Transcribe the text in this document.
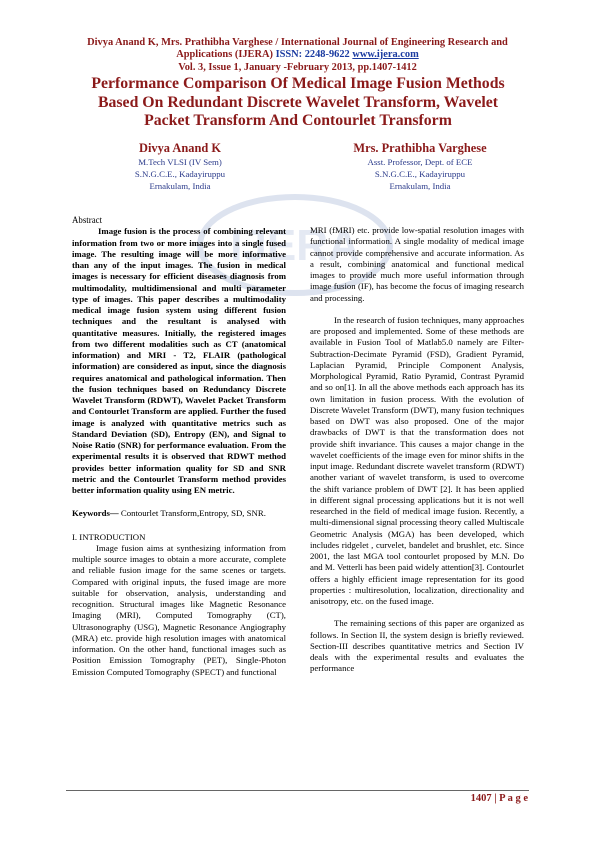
Divya Anand K, Mrs. Prathibha Varghese / International Journal of Engineering Research and
Applications (IJERA) ISSN: 2248-9622 www.ijera.com
Vol. 3, Issue 1, January -February 2013, pp.1407-1412
Performance Comparison Of Medical Image Fusion Methods
Based On Redundant Discrete Wavelet Transform, Wavelet
Packet Transform And Contourlet Transform
Divya Anand K
M.Tech VLSI (IV Sem)
S.N.G.C.E., Kadayiruppu
Ernakulam, India
Mrs. Prathibha Varghese
Asst. Professor, Dept. of ECE
S.N.G.C.E., Kadayiruppu
Ernakulam, India
IJERA

Abstract

Image fusion is the process of combining relevant information from two or more images into a single fused image. The resulting image will be more informative than any of the input images. The fusion in medical images is necessary for efficient diseases diagnosis from multimodality, multidimensional and multi parameter type of images. This paper describes a multimodality medical image fusion system using different fusion techniques and the resultant is analysed with quantitative measures. Initially, the registered images from two different modalities such as CT (anatomical information) and MRI - T2, FLAIR (pathological information) are considered as input, since the diagnosis requires anatomical and pathological information. Then the fusion techniques based on Redundancy Discrete Wavelet Transform (RDWT), Wavelet Packet Transform and Contourlet Transform are applied. Further the fused image is analyzed with quantitative metrics such as Standard Deviation (SD), Entropy (EN), and Signal to Noise Ratio (SNR) for performance evaluation. From the experimental results it is observed that RDWT method provides better information quality for SD and SNR metric and the Contourlet Transform method provides better information quality using EN metric.

Keywords— Contourlet Transform,Entropy, SD, SNR.

I. INTRODUCTION

Image fusion aims at synthesizing information from multiple source images to obtain a more accurate, complete and reliable fusion image for the same scenes or targets. Compared with original inputs, the fused image are more suitable for observation, analysis, understanding and recognition. Structural images like Magnetic Resonance Imaging (MRI), Computed Tomography (CT), Ultrasonography (USG), Magnetic Resonance Angiography (MRA) etc. provide high resolution images with anatomical information. On the other hand, functional images such as Position Emission Tomography (PET), Single-Photon Emission Computed Tomography (SPECT) and functional

MRI (fMRI) etc. provide low-spatial resolution images with functional information. A single modality of medical image cannot provide comprehensive and accurate information. As a result, combining anatomical and functional medical images to provide much more useful information through image fusion (IF), has become the focus of imaging research and processing.

In the research of fusion techniques, many approaches are proposed and implemented. Some of these methods are available in Fusion Tool of Matlab5.0 namely are Filter- Subtraction-Decimate Pyramid (FSD), Gradient Pyramid, Laplacian Pyramid, Principle Component Analysis, Morphological Pyramid, Ratio Pyramid, Contrast Pyramid and so on[1]. In all the above methods each approach has its own limitation in fusion process. With the evolution of Discrete Wavelet Transform (DWT), many fusion techniques based on DWT was also proposed. One of the major drawbacks of DWT is that the transformation does not provide shift invariance. This causes a major change in the wavelet coefficients of the image even for minor shifts in the input image. Redundant discrete wavelet transform (RDWT) another variant of wavelet transform, is used to overcome the shift variance problem of DWT [2]. It has been applied in different signal processing applications but it is not well researched in the field of medical image fusion. Recently, a multi-dimensional signal processing theory called Multiscale Geometric Analysis (MGA) has been developed, which includes ridgelet , curvelet, bandelet and brushlet, etc. Since 2001, the last MGA tool contourlet proposed by M.N. Do and M. Vetterli has been paid widely attention[3]. Contourlet offers a highly efficient image representation for its good properties : multiresolution, localization, directionality and anisotropy, etc. on the fused image.

The remaining sections of this paper are organized as follows. In Section II, the system design is briefly reviewed. Section-III describes quantitative metrics and Section IV deals with the experimental results and evaluates the performance

1407 | P a g e
